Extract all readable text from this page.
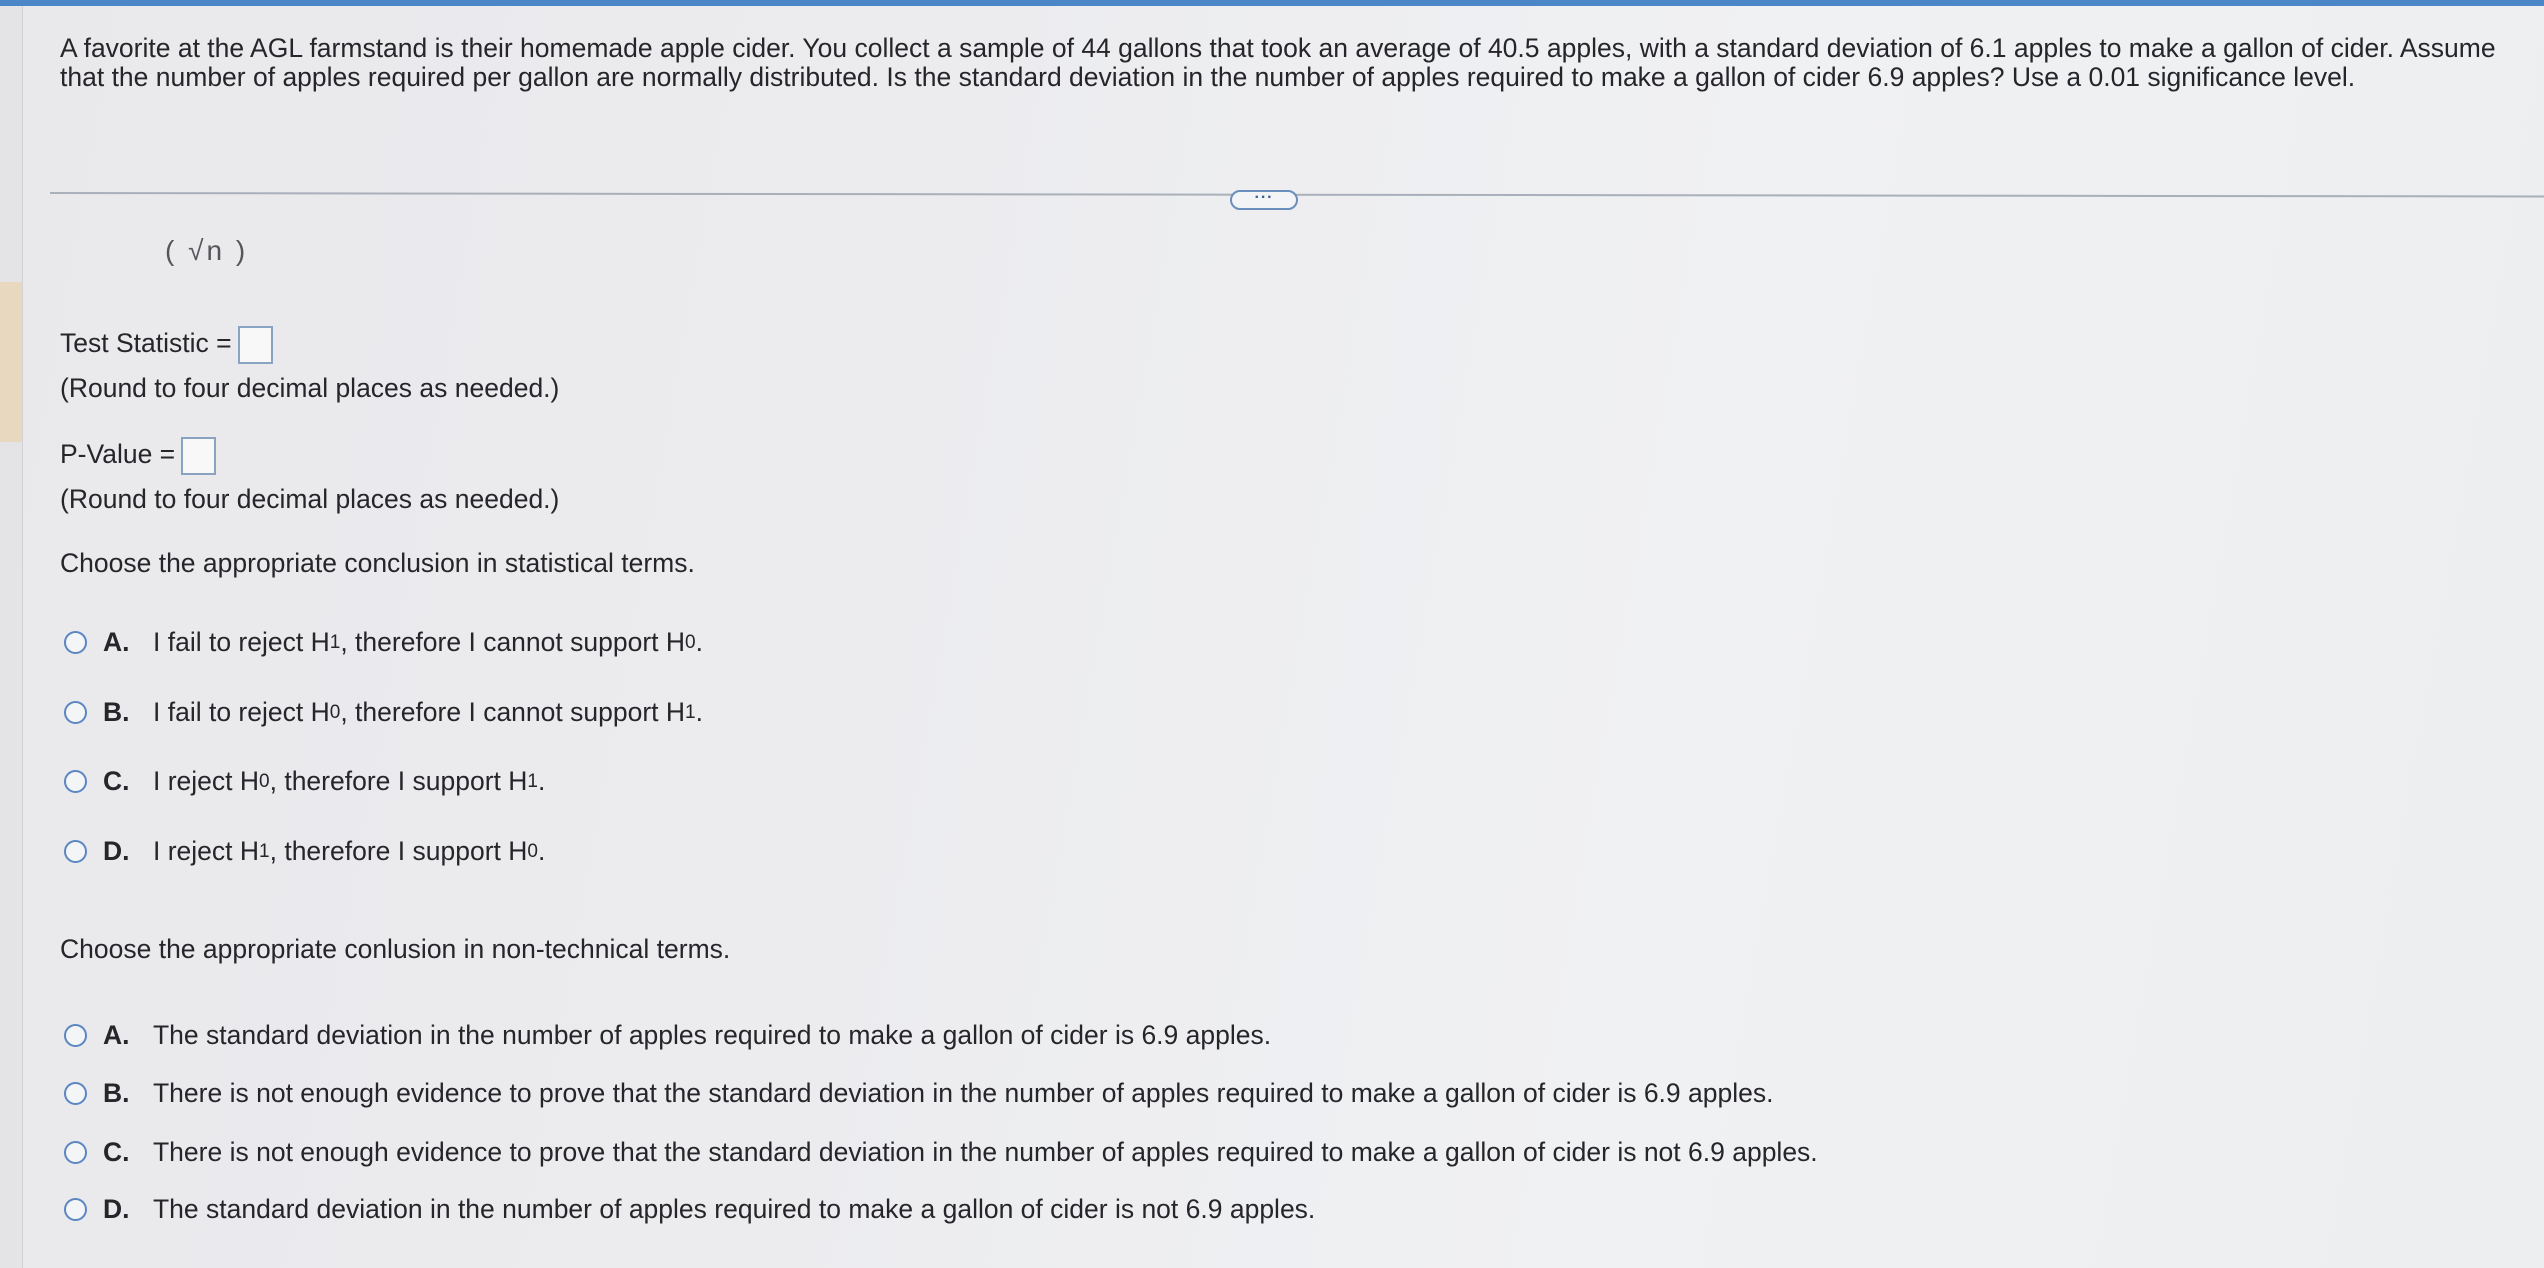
A favorite at the AGL farmstand is their homemade apple cider. You collect a sample of 44 gallons that took an average of 40.5 apples, with a standard deviation of 6.1 apples to make a gallon of cider. Assume that the number of apples required per gallon are normally distributed. Is the standard deviation in the number of apples required to make a gallon of cider 6.9 apples? Use a 0.01 significance level.
···
( √n )
Test Statistic =
(Round to four decimal places as needed.)
P-Value =
(Round to four decimal places as needed.)
Choose the appropriate conclusion in statistical terms.
A. I fail to reject H 1 , therefore I cannot support H 0 .
B. I fail to reject H 0 , therefore I cannot support H 1 .
C. I reject H 0 , therefore I support H 1 .
D. I reject H 1 , therefore I support H 0 .
Choose the appropriate conlusion in non-technical terms.
A. The standard deviation in the number of apples required to make a gallon of cider is 6.9 apples.
B. There is not enough evidence to prove that the standard deviation in the number of apples required to make a gallon of cider is 6.9 apples.
C. There is not enough evidence to prove that the standard deviation in the number of apples required to make a gallon of cider is not 6.9 apples.
D. The standard deviation in the number of apples required to make a gallon of cider is not 6.9 apples.
